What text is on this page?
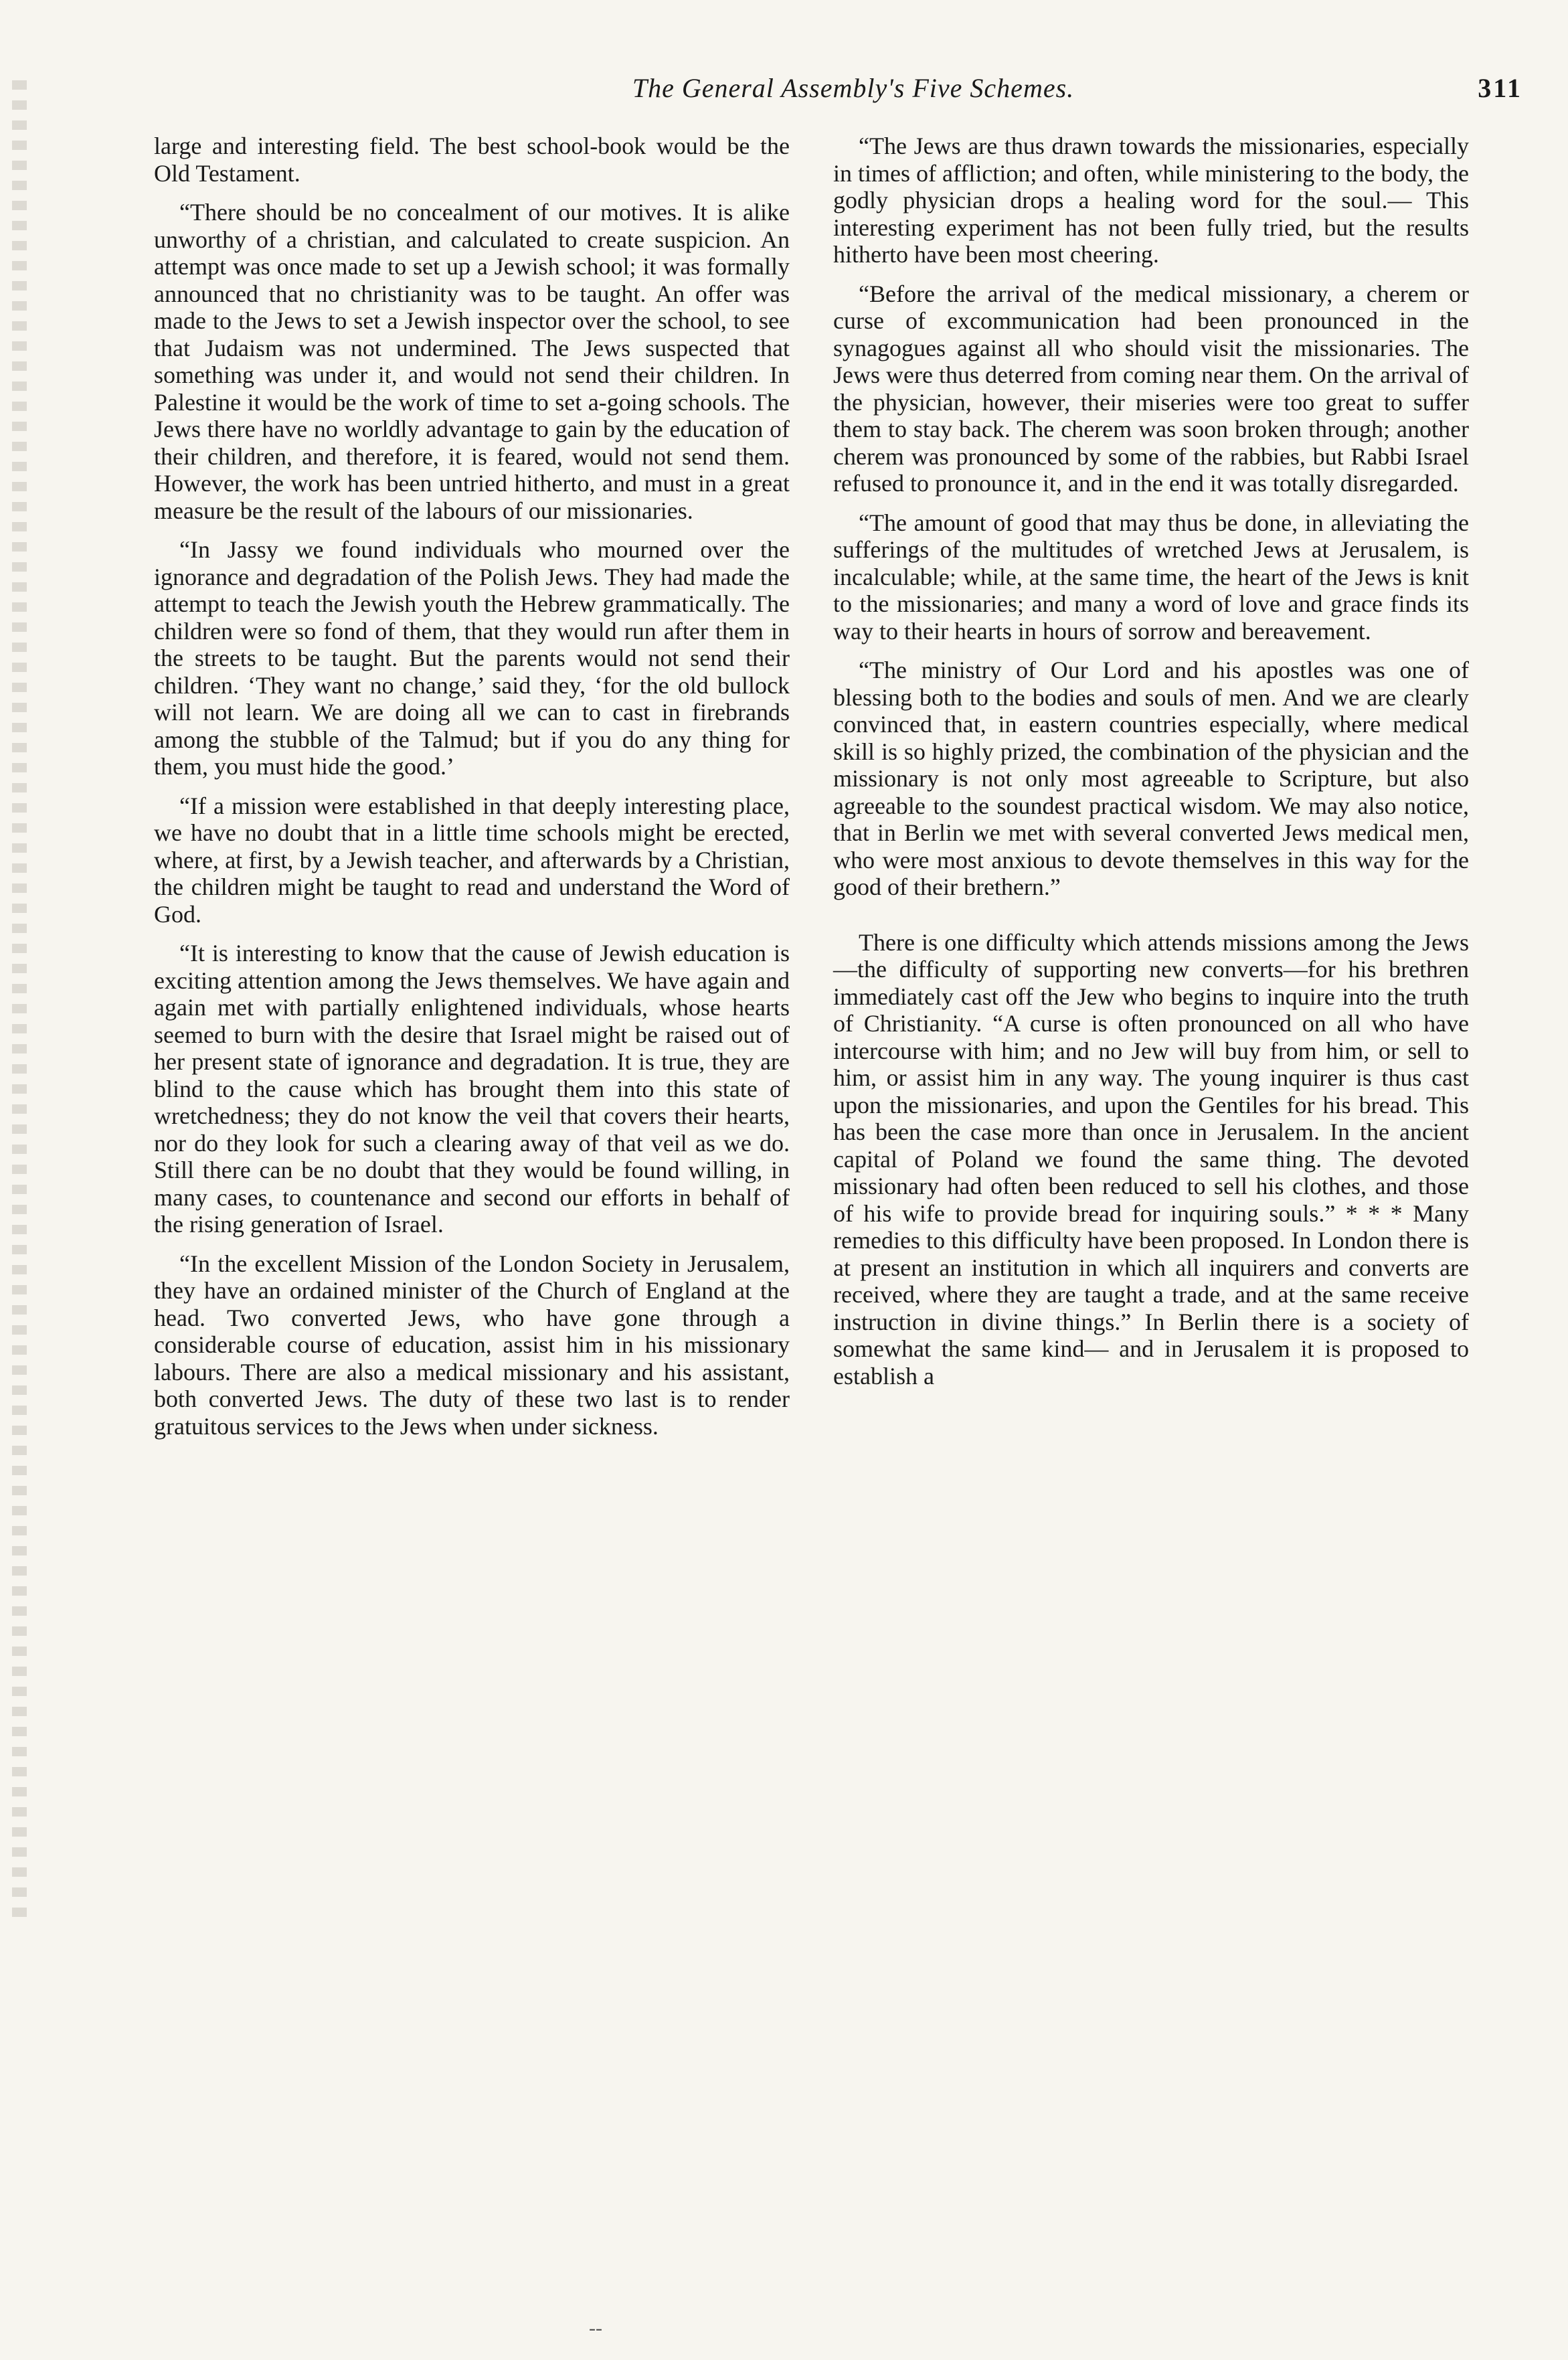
The General Assembly's Five Schemes.	311

large and interesting field. The best school-book would be the Old Testament.

“There should be no concealment of our motives. It is alike unworthy of a christian, and calculated to create suspicion. An attempt was once made to set up a Jewish school; it was formally announced that no christianity was to be taught. An offer was made to the Jews to set a Jewish inspector over the school, to see that Judaism was not undermined. The Jews suspected that something was under it, and would not send their children. In Palestine it would be the work of time to set a-going schools. The Jews there have no worldly advantage to gain by the education of their children, and therefore, it is feared, would not send them. However, the work has been untried hitherto, and must in a great measure be the result of the labours of our missionaries.

“In Jassy we found individuals who mourned over the ignorance and degradation of the Polish Jews. They had made the attempt to teach the Jewish youth the Hebrew grammatically. The children were so fond of them, that they would run after them in the streets to be taught. But the parents would not send their children. ‘They want no change,’ said they, ‘for the old bullock will not learn. We are doing all we can to cast in firebrands among the stubble of the Talmud; but if you do any thing for them, you must hide the good.’

“If a mission were established in that deeply interesting place, we have no doubt that in a little time schools might be erected, where, at first, by a Jewish teacher, and afterwards by a Christian, the children might be taught to read and understand the Word of God.

“It is interesting to know that the cause of Jewish education is exciting attention among the Jews themselves. We have again and again met with partially enlightened individuals, whose hearts seemed to burn with the desire that Israel might be raised out of her present state of ignorance and degradation. It is true, they are blind to the cause which has brought them into this state of wretchedness; they do not know the veil that covers their hearts, nor do they look for such a clearing away of that veil as we do. Still there can be no doubt that they would be found willing, in many cases, to countenance and second our efforts in behalf of the rising generation of Israel.

“In the excellent Mission of the London Society in Jerusalem, they have an ordained minister of the Church of England at the head. Two converted Jews, who have gone through a considerable course of education, assist him in his missionary labours. There are also a medical missionary and his assistant, both converted Jews. The duty of these two last is to render gratuitous services to the Jews when under sickness.

“The Jews are thus drawn towards the missionaries, especially in times of affliction; and often, while ministering to the body, the godly physician drops a healing word for the soul.— This interesting experiment has not been fully tried, but the results hitherto have been most cheering.

“Before the arrival of the medical missionary, a cherem or curse of excommunication had been pronounced in the synagogues against all who should visit the missionaries. The Jews were thus deterred from coming near them. On the arrival of the physician, however, their miseries were too great to suffer them to stay back. The cherem was soon broken through; another cherem was pronounced by some of the rabbies, but Rabbi Israel refused to pronounce it, and in the end it was totally disregarded.

“The amount of good that may thus be done, in alleviating the sufferings of the multitudes of wretched Jews at Jerusalem, is incalculable; while, at the same time, the heart of the Jews is knit to the missionaries; and many a word of love and grace finds its way to their hearts in hours of sorrow and bereavement.

“The ministry of Our Lord and his apostles was one of blessing both to the bodies and souls of men. And we are clearly convinced that, in eastern countries especially, where medical skill is so highly prized, the combination of the physician and the missionary is not only most agreeable to Scripture, but also agreeable to the soundest practical wisdom. We may also notice, that in Berlin we met with several converted Jews medical men, who were most anxious to devote themselves in this way for the good of their brethern.”

There is one difficulty which attends missions among the Jews—the difficulty of supporting new converts—for his brethren immediately cast off the Jew who begins to inquire into the truth of Christianity. “A curse is often pronounced on all who have intercourse with him; and no Jew will buy from him, or sell to him, or assist him in any way. The young inquirer is thus cast upon the missionaries, and upon the Gentiles for his bread. This has been the case more than once in Jerusalem. In the ancient capital of Poland we found the same thing. The devoted missionary had often been reduced to sell his clothes, and those of his wife to provide bread for inquiring souls.” * * * Many remedies to this difficulty have been proposed. In London there is at present an institution in which all inquirers and converts are received, where they are taught a trade, and at the same receive instruction in divine things.” In Berlin there is a society of somewhat the same kind— and in Jerusalem it is proposed to establish a

--
